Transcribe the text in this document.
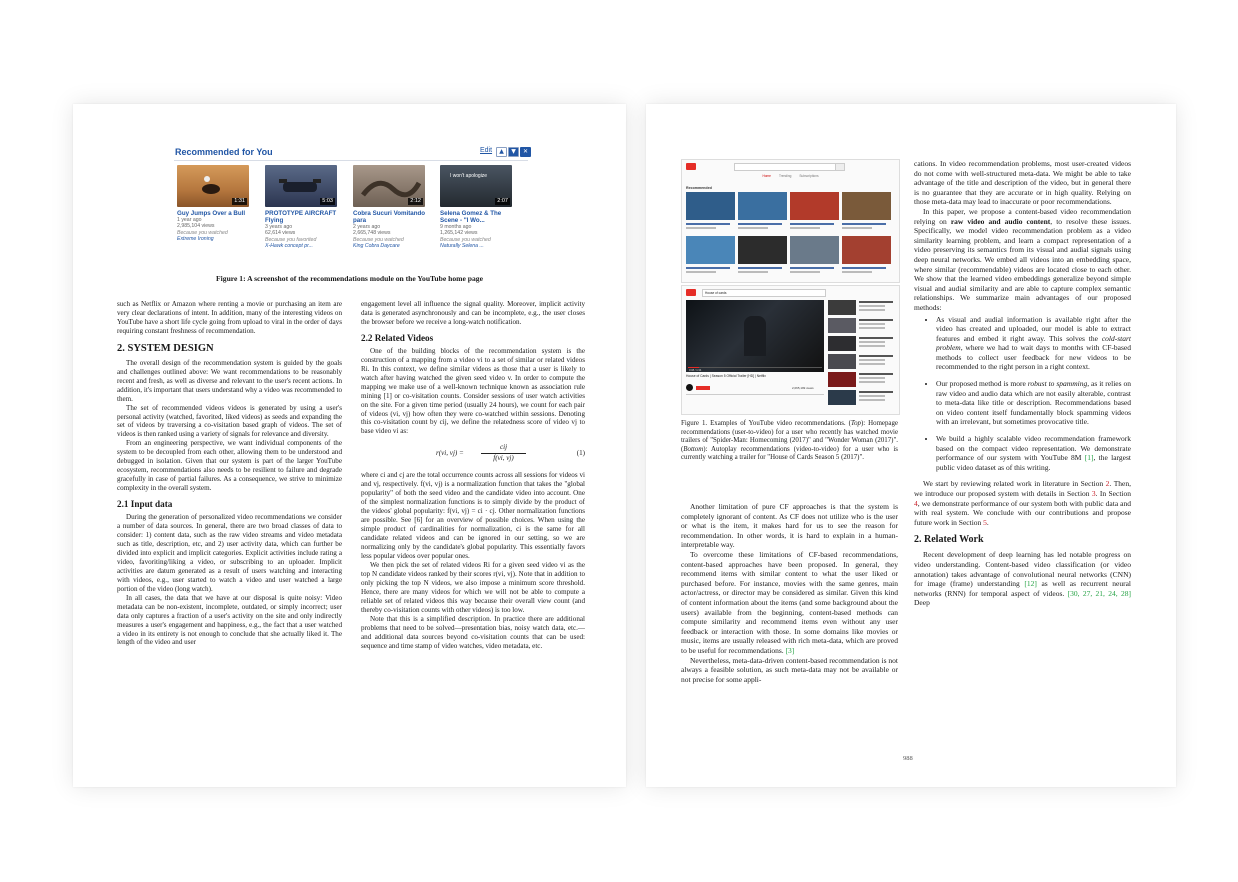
Recommended for You	Edit	▲	▼	✕
1:31
Guy Jumps Over a Bull
1 year ago
2,985,104 views
Because you watched
Extreme Ironing
5:03
PROTOTYPE AIRCRAFT Flying
3 years ago
62,614 views
Because you favorited
X-Hawk concept pr...
2:12
Cobra Sucuri Vomitando para
2 years ago
2,665,748 views
Because you watched
King Cobra Daycare
I won't apologize
2:07
Selena Gomez & The Scene - "I Wo...
9 months ago
1,265,142 views
Because you watched
Naturally Selena ...
Figure 1: A screenshot of the recommendations module on the YouTube home page

such as Netflix or Amazon where renting a movie or purchasing an item are very clear declarations of intent. In addition, many of the interesting videos on YouTube have a short life cycle going from upload to viral in the order of days requiring constant freshness of recommendation.

2. SYSTEM DESIGN

The overall design of the recommendation system is guided by the goals and challenges outlined above: We want recommendations to be reasonably recent and fresh, as well as diverse and relevant to the user's recent actions. In addition, it's important that users understand why a video was recommended to them.

The set of recommended videos videos is generated by using a user's personal activity (watched, favorited, liked videos) as seeds and expanding the set of videos by traversing a co-visitation based graph of videos. The set of videos is then ranked using a variety of signals for relevance and diversity.

From an engineering perspective, we want individual components of the system to be decoupled from each other, allowing them to be understood and debugged in isolation. Given that our system is part of the larger YouTube ecosystem, recommendations also needs to be resilient to failure and degrade gracefully in case of partial failures. As a consequence, we strive to minimize complexity in the overall system.

2.1 Input data

During the generation of personalized video recommendations we consider a number of data sources. In general, there are two broad classes of data to consider: 1) content data, such as the raw video streams and video metadata such as title, description, etc, and 2) user activity data, which can further be divided into explicit and implicit categories. Explicit activities include rating a video, favoriting/liking a video, or subscribing to an uploader. Implicit activities are datum generated as a result of users watching and interacting with videos, e.g., user started to watch a video and user watched a large portion of the video (long watch).

In all cases, the data that we have at our disposal is quite noisy: Video metadata can be non-existent, incomplete, outdated, or simply incorrect; user data only captures a fraction of a user's activity on the site and only indirectly measures a user's engagement and happiness, e.g., the fact that a user watched a video in its entirety is not enough to conclude that she actually liked it. The length of the video and user

engagement level all influence the signal quality. Moreover, implicit activity data is generated asynchronously and can be incomplete, e.g., the user closes the browser before we receive a long-watch notification.

2.2 Related Videos

One of the building blocks of the recommendation system is the construction of a mapping from a video vi to a set of similar or related videos Ri. In this context, we define similar videos as those that a user is likely to watch after having watched the given seed video v. In order to compute the mapping we make use of a well-known technique known as association rule mining [1] or co-visitation counts. Consider sessions of user watch activities on the site. For a given time period (usually 24 hours), we count for each pair of videos (vi, vj) how often they were co-watched within sessions. Denoting this co-visitation count by cij, we define the relatedness score of video vj to base video vi as:

r(vi, vj) =
cij
f(vi, vj)
(1)

where ci and cj are the total occurrence counts across all sessions for videos vi and vj, respectively. f(vi, vj) is a normalization function that takes the "global popularity" of both the seed video and the candidate video into account. One of the simplest normalization functions is to simply divide by the product of the videos' global popularity: f(vi, vj) = ci · cj. Other normalization functions are possible. See [6] for an overview of possible choices. When using the simple product of cardinalities for normalization, ci is the same for all candidate related videos and can be ignored in our setting, so we are normalizing only by the candidate's global popularity. This essentially favors less popular videos over popular ones.

We then pick the set of related videos Ri for a given seed video vi as the top N candidate videos ranked by their scores r(vi, vj). Note that in addition to only picking the top N videos, we also impose a minimum score threshold. Hence, there are many videos for which we will not be able to compute a reliable set of related videos this way because their overall view count (and thereby co-visitation counts with other videos) is too low.

Note that this is a simplified description. In practice there are additional problems that need to be solved—presentation bias, noisy watch data, etc.—and additional data sources beyond co-visitation counts that can be used: sequence and time stamp of video watches, video metadata, etc.

Home	Trending	Subscriptions
Recommended
House of cards
0:08 / 1:34
House of Cards | Season 5 Official Trailer [HD] | Netflix
2,065,199 views
Figure 1. Examples of YouTube video recommendations. (Top): Homepage recommendations (user-to-video) for a user who recently has watched movie trailers of "Spider-Man: Homecoming (2017)" and "Wonder Woman (2017)". (Bottom): Autoplay recommendations (video-to-video) for a user who is currently watching a trailer for "House of Cards Season 5 (2017)".

Another limitation of pure CF approaches is that the system is completely ignorant of content. As CF does not utilize who is the user or what is the item, it makes hard for us to see the reason for recommendation. In other words, it is hard to explain in a human-interpretable way.

To overcome these limitations of CF-based recommendations, content-based approaches have been proposed. In general, they recommend items with similar content to what the user liked or purchased before. For instance, movies with the same genres, main actor/actress, or director may be considered as similar. Given this kind of content information about the items (and some background about the users) available from the beginning, content-based methods can compute similarity and recommend items even without any user feedback or interaction with those. In some domains like movies or music, items are usually released with rich meta-data, which are proved to be useful for recommendations. [3]

Nevertheless, meta-data-driven content-based recommendation is not always a feasible solution, as such meta-data may not be available or not precise for some appli-

cations. In video recommendation problems, most user-created videos do not come with well-structured meta-data. We might be able to take advantage of the title and description of the video, but in general there is no guarantee that they are accurate or in high quality. Relying on those meta-data may lead to inaccurate or poor recommendations.

In this paper, we propose a content-based video recommendation relying on raw video and audio content, to resolve these issues. Specifically, we model video recommendation problem as a video similarity learning problem, and learn a compact representation of a video preserving its semantics from its visual and audial signals using deep neural networks. We embed all videos into an embedding space, where similar (recommendable) videos are located close to each other. We show that the learned video embeddings generalize beyond simple visual and audial similarity and are able to capture complex semantic relationships. We summarize main advantages of our proposed methods:

• As visual and audial information is available right after the video has created and uploaded, our model is able to extract features and embed it right away. This solves the cold-start problem, where we had to wait days to months with CF-based methods to collect user feedback for new videos to be recommended to the right person in a right context.
• Our proposed method is more robust to spamming, as it relies on raw video and audio data which are not easily alterable, contrast to meta-data like title or description. Recommendations based on video content itself fundamentally block spamming videos with an irrelevant, but sometimes provocative title.
• We build a highly scalable video recommendation framework based on the compact video representation. We demonstrate performance of our system with YouTube 8M [1], the largest public video dataset as of this writing.

We start by reviewing related work in literature in Section 2. Then, we introduce our proposed system with details in Section 3. In Section 4, we demonstrate performance of our system both with public data and with real system. We conclude with our contributions and propose future work in Section 5.

2. Related Work

Recent development of deep learning has led notable progress on video understanding. Content-based video classification (or video annotation) takes advantage of convolutional neural networks (CNN) for image (frame) understanding [12] as well as recurrent neural networks (RNN) for temporal aspect of videos. [30, 27, 21, 24, 28] Deep

988
